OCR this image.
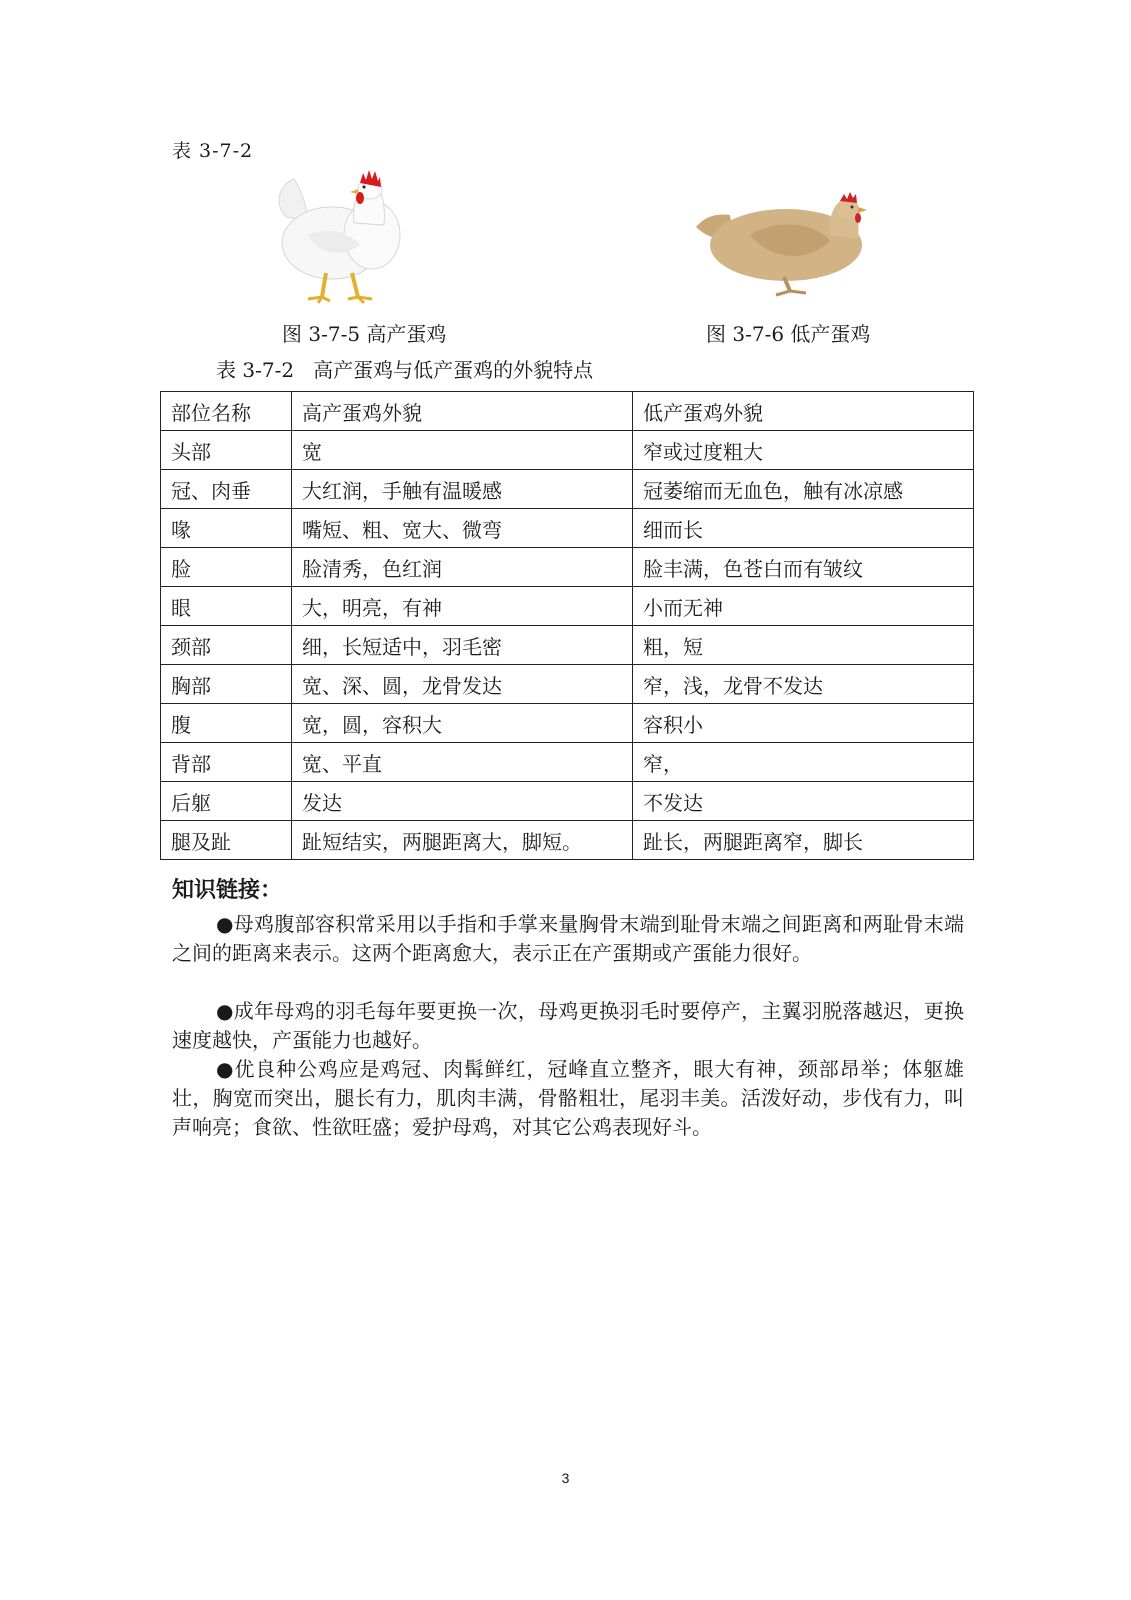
表 3-7-2
图 3-7-5 高产蛋鸡	图 3-7-6 低产蛋鸡
表 3-7-2   高产蛋鸡与低产蛋鸡的外貌特点
部位名称	高产蛋鸡外貌	低产蛋鸡外貌
头部	宽	窄或过度粗大
冠、肉垂	大红润，手触有温暖感	冠萎缩而无血色，触有冰凉感
喙	嘴短、粗、宽大、微弯	细而长
脸	脸清秀，色红润	脸丰满，色苍白而有皱纹
眼	大，明亮，有神	小而无神
颈部	细，长短适中，羽毛密	粗，短
胸部	宽、深、圆，龙骨发达	窄，浅，龙骨不发达
腹	宽，圆，容积大	容积小
背部	宽、平直	窄，
后躯	发达	不发达
腿及趾	趾短结实，两腿距离大，脚短。	趾长，两腿距离窄，脚长
知识链接：

●母鸡腹部容积常采用以手指和手掌来量胸骨末端到耻骨末端之间距离和两耻骨末端之间的距离来表示。这两个距离愈大，表示正在产蛋期或产蛋能力很好。

●成年母鸡的羽毛每年要更换一次，母鸡更换羽毛时要停产，主翼羽脱落越迟，更换速度越快，产蛋能力也越好。

●优良种公鸡应是鸡冠、肉髯鲜红，冠峰直立整齐，眼大有神，颈部昂举；体躯雄壮，胸宽而突出，腿长有力，肌肉丰满，骨骼粗壮，尾羽丰美。活泼好动，步伐有力，叫声响亮；食欲、性欲旺盛；爱护母鸡，对其它公鸡表现好斗。

3
